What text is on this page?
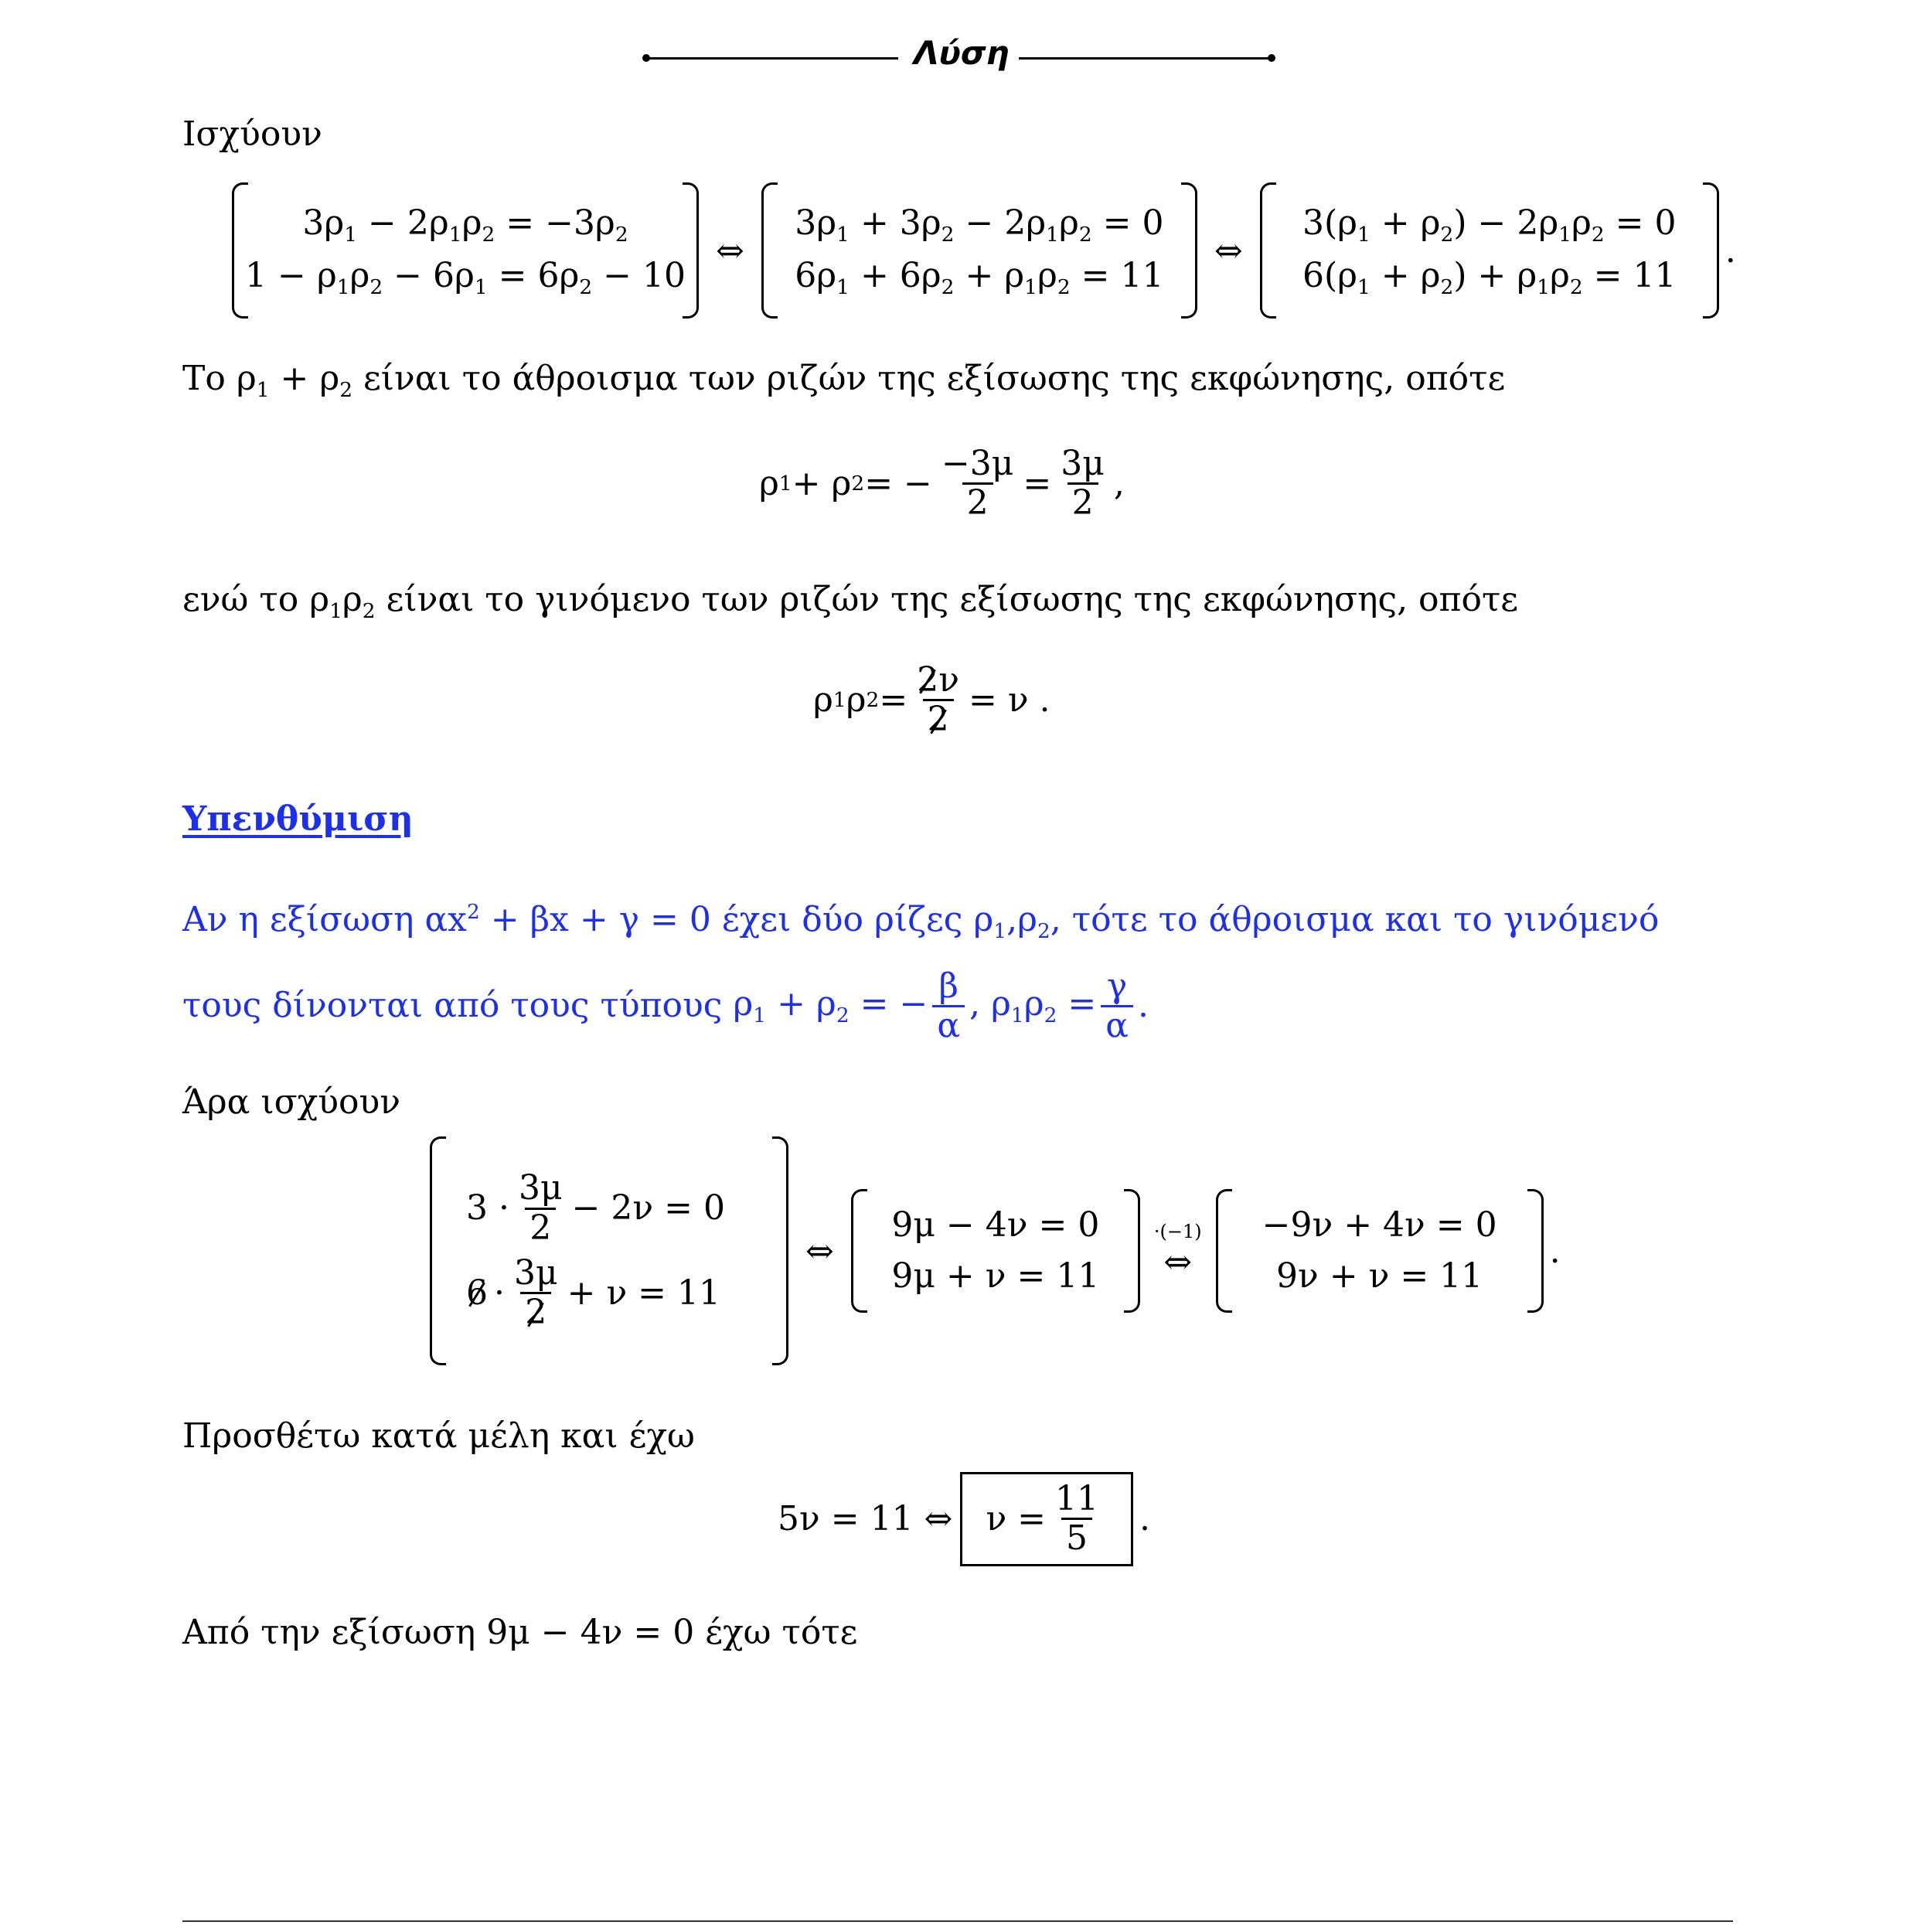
Λύση
Ισχύουν
$3\rho_1 - 2\rho_1\rho_2 = -3\rho_2$
$1 - \rho_1\rho_2 - 6\rho_1 = 6\rho_2 - 10$
⇔
$3\rho_1 + 3\rho_2 - 2\rho_1\rho_2 = 0$
$6\rho_1 + 6\rho_2 + \rho_1\rho_2 = 11$
⇔
$3(\rho_1 + \rho_2) - 2\rho_1\rho_2 = 0$
$6(\rho_1 + \rho_2) + \rho_1\rho_2 = 11$
.
Το $\rho_1 + \rho_2$ είναι το άθροισμα των ριζών της εξίσωσης της εκφώνησης, οπότε
ρ 1 + ρ 2 = − $\frac{-3\mu}{2} = \frac{3\mu}{2}$ ,
ενώ το $\rho_1\rho_2$ είναι το γινόμενο των ριζών της εξίσωσης της εκφώνησης, οπότε
ρ 1 ρ $2 = \frac{2\nu}{2} = \nu$ .
Υπενθύμιση
Αν η εξίσωση $\alpha x^2 + \beta x + \gamma = 0$ έχει δύο ρίζες $\rho_1,\rho_2$, τότε το άθροισμα και το γινόμενό
τους δίνονται από τους τύπους $\rho_1 + \rho_2$ = − $\frac{\beta}{\alpha}$ , $\rho_1\rho_2 = \frac{\gamma}{\alpha}$ .
Άρα ισχύουν
$3 \cdot \frac{3\mu}{2} - 2\nu = 0$
$6 \cdot \frac{3\mu}{2} + \nu = 11$
⇔
9μ − 4ν = 0
9μ + ν = 11
·(−1)
⇔
−9ν + 4ν = 0
9ν + ν = 11
.
Προσθέτω κατά μέλη και έχω
5ν = 11 ⇔ $\nu = \frac{11}{5}$ .
Από την εξίσωση 9μ − 4ν = 0 έχω τότε
